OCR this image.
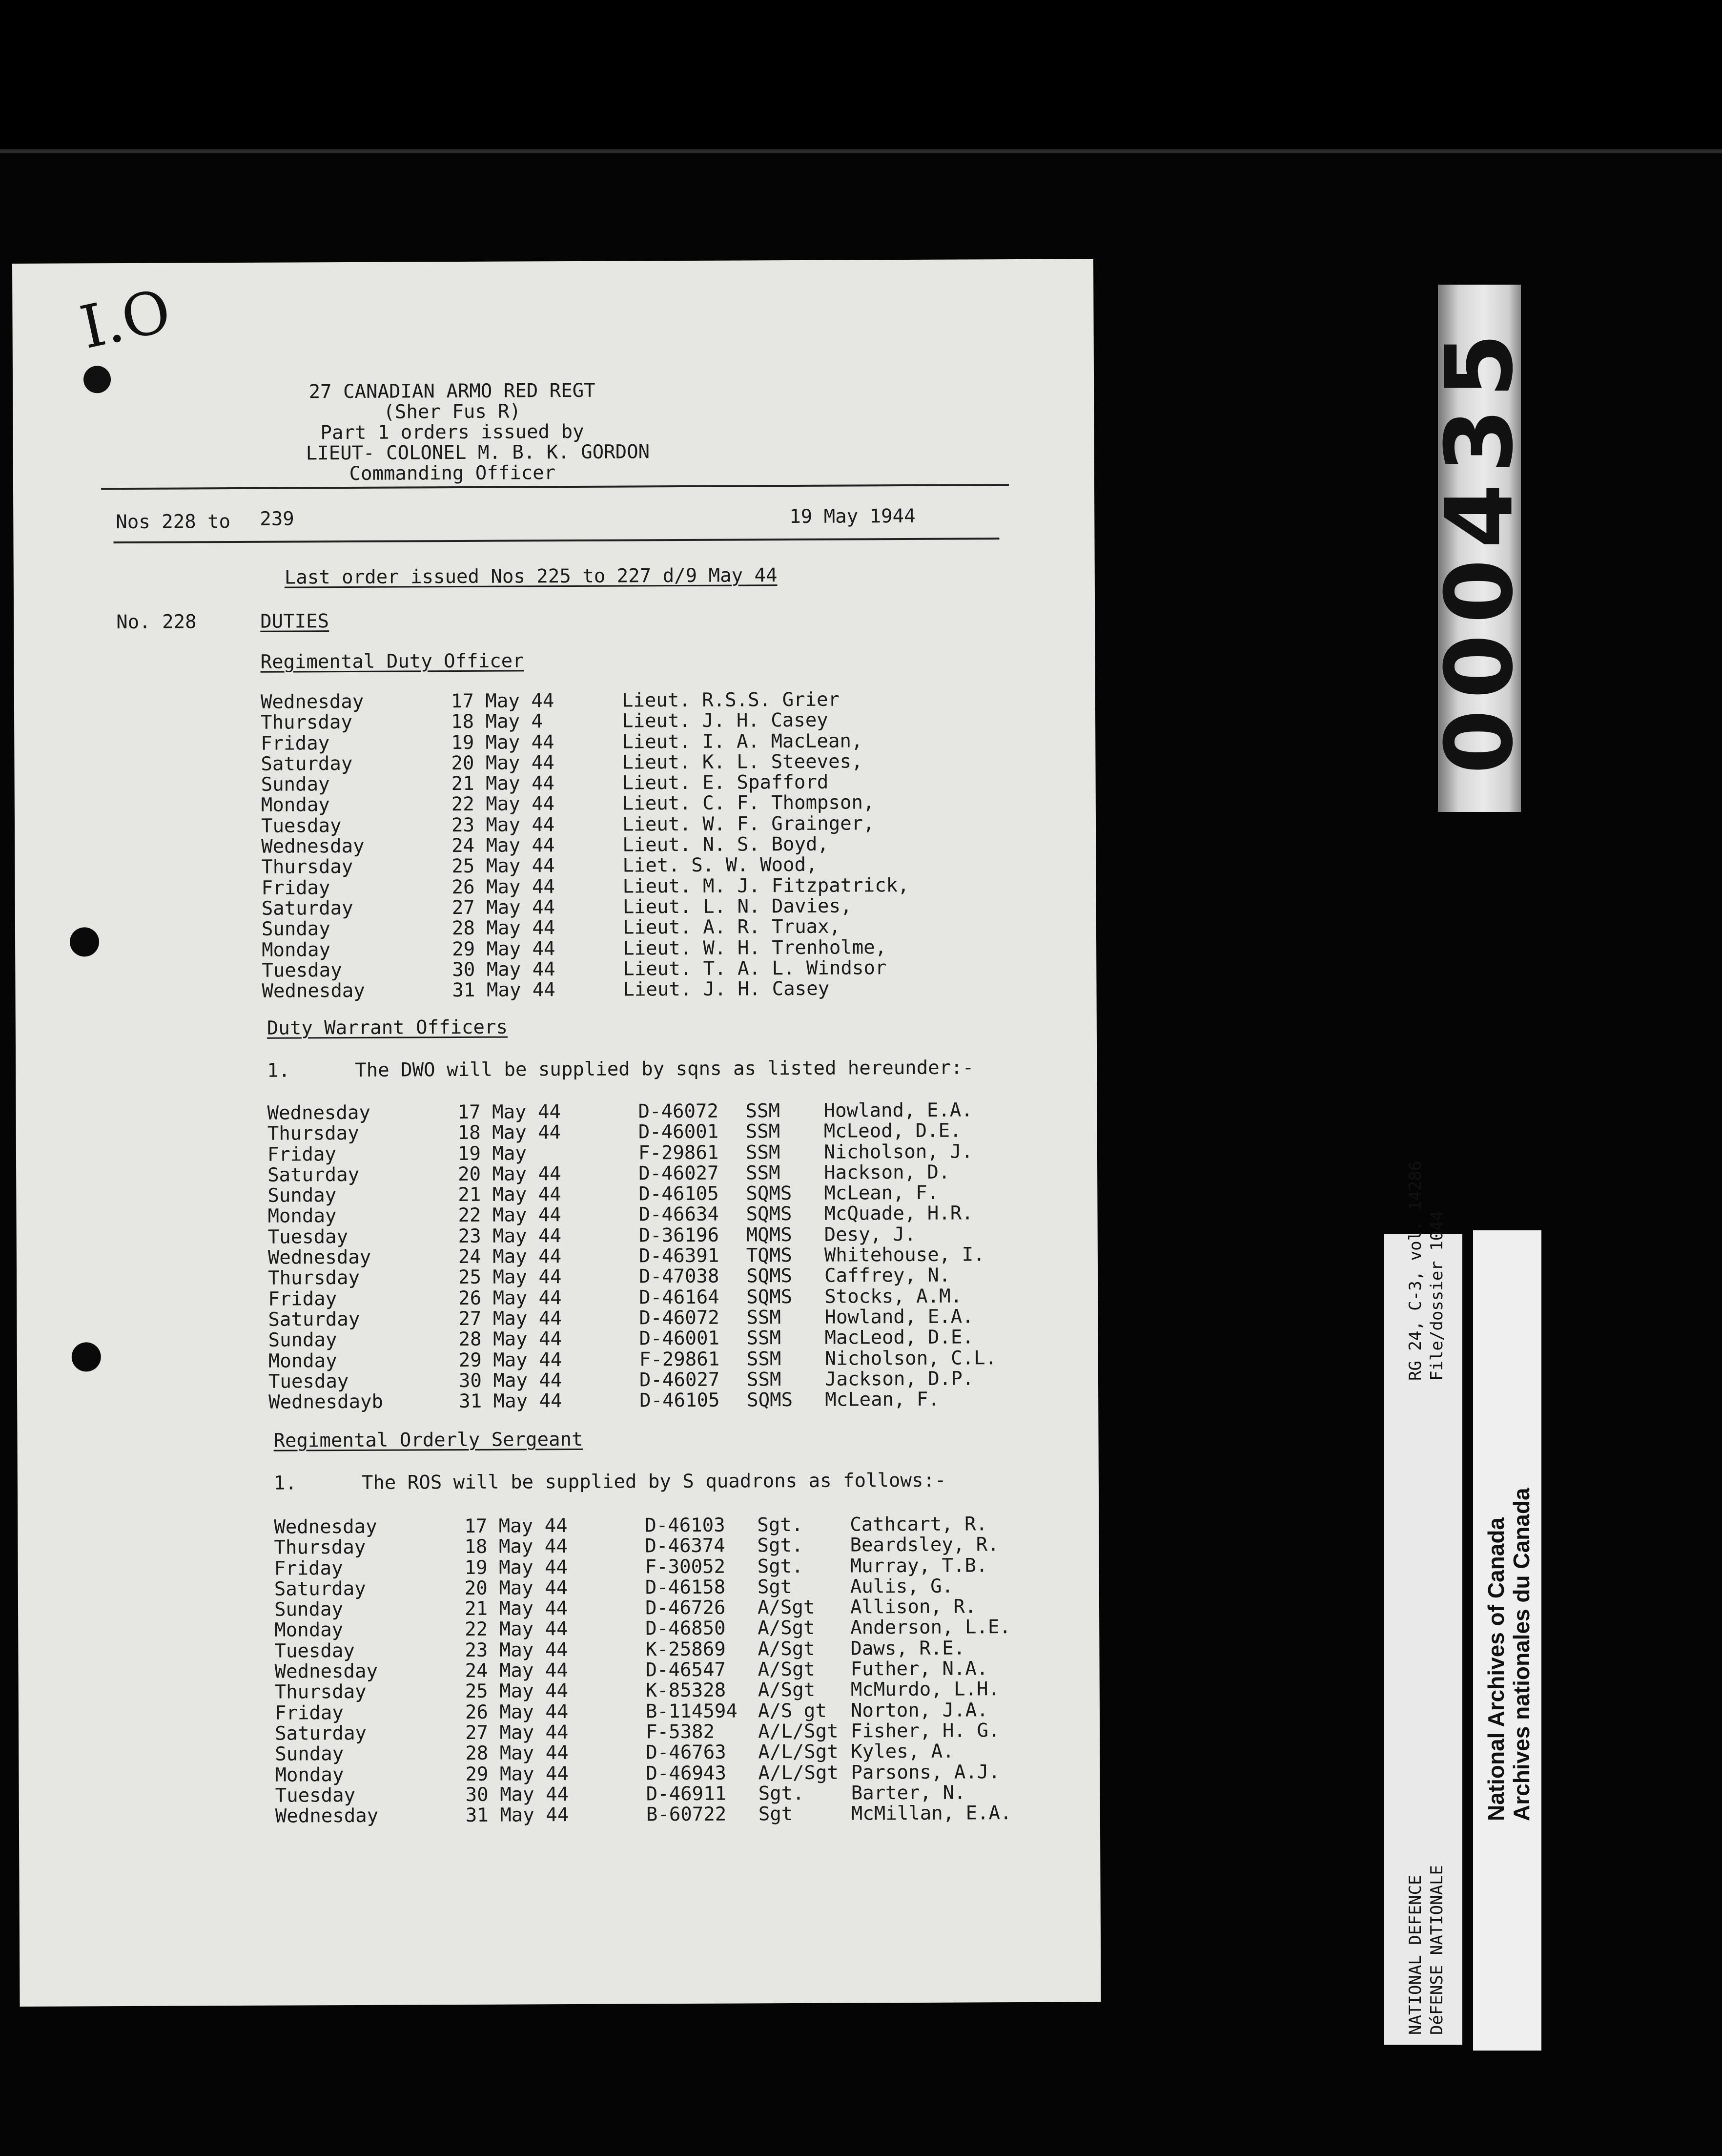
I.O
27 CANADIAN ARMO RED REGT
(Sher Fus R)
Part 1 orders issued by
LIEUT- COLONEL M. B. K. GORDON
Commanding Officer
Nos 228 to 239	19 May 1944
Last order issued Nos 225 to 227 d/9 May 44
No. 228	DUTIES
Regimental Duty Officer
Wednesday	17 May 44	Lieut. R.S.S. Grier
Thursday	18 May 4	Lieut. J. H. Casey
Friday	19 May 44	Lieut. I. A. MacLean,
Saturday	20 May 44	Lieut. K. L. Steeves,
Sunday	21 May 44	Lieut. E. Spafford
Monday	22 May 44	Lieut. C. F. Thompson,
Tuesday	23 May 44	Lieut. W. F. Grainger,
Wednesday	24 May 44	Lieut. N. S. Boyd,
Thursday	25 May 44	Liet. S. W. Wood,
Friday	26 May 44	Lieut. M. J. Fitzpatrick,
Saturday	27 May 44	Lieut. L. N. Davies,
Sunday	28 May 44	Lieut. A. R. Truax,
Monday	29 May 44	Lieut. W. H. Trenholme,
Tuesday	30 May 44	Lieut. T. A. L. Windsor
Wednesday	31 May 44	Lieut. J. H. Casey
Duty Warrant Officers
1.	The DWO will be supplied by sqns as listed hereunder:-
Wednesday	17 May 44	D-46072	SSM	Howland, E.A.
Thursday	18 May 44	D-46001	SSM	McLeod, D.E.
Friday	19 May	F-29861	SSM	Nicholson, J.
Saturday	20 May 44	D-46027	SSM	Hackson, D.
Sunday	21 May 44	D-46105	SQMS	McLean, F.
Monday	22 May 44	D-46634	SQMS	McQuade, H.R.
Tuesday	23 May 44	D-36196	MQMS	Desy, J.
Wednesday	24 May 44	D-46391	TQMS	Whitehouse, I.
Thursday	25 May 44	D-47038	SQMS	Caffrey, N.
Friday	26 May 44	D-46164	SQMS	Stocks, A.M.
Saturday	27 May 44	D-46072	SSM	Howland, E.A.
Sunday	28 May 44	D-46001	SSM	MacLeod, D.E.
Monday	29 May 44	F-29861	SSM	Nicholson, C.L.
Tuesday	30 May 44	D-46027	SSM	Jackson, D.P.
Wednesdayb	31 May 44	D-46105	SQMS	McLean, F.
Regimental Orderly Sergeant
1.	The ROS will be supplied by S quadrons as follows:-
Wednesday	17 May 44	D-46103	Sgt.	Cathcart, R.
Thursday	18 May 44	D-46374	Sgt.	Beardsley, R.
Friday	19 May 44	F-30052	Sgt.	Murray, T.B.
Saturday	20 May 44	D-46158	Sgt	Aulis, G.
Sunday	21 May 44	D-46726	A/Sgt	Allison, R.
Monday	22 May 44	D-46850	A/Sgt	Anderson, L.E.
Tuesday	23 May 44	K-25869	A/Sgt	Daws, R.E.
Wednesday	24 May 44	D-46547	A/Sgt	Futher, N.A.
Thursday	25 May 44	K-85328	A/Sgt	McMurdo, L.H.
Friday	26 May 44	B-114594	A/S gt	Norton, J.A.
Saturday	27 May 44	F-5382	A/L/Sgt Fisher, H. G.
Sunday	28 May 44	D-46763	A/L/Sgt Kyles, A.
Monday	29 May 44	D-46943	A/L/Sgt Parsons, A.J.
Tuesday	30 May 44	D-46911	Sgt.	Barter, N.
Wednesday	31 May 44	B-60722	Sgt	McMillan, E.A.
000435
RG 24, C-3, vol. 14286 File/dossier 1044
NATIONAL DEFENCE DéFENSE NATIONALE
National Archives of Canada Archives nationales du Canada
